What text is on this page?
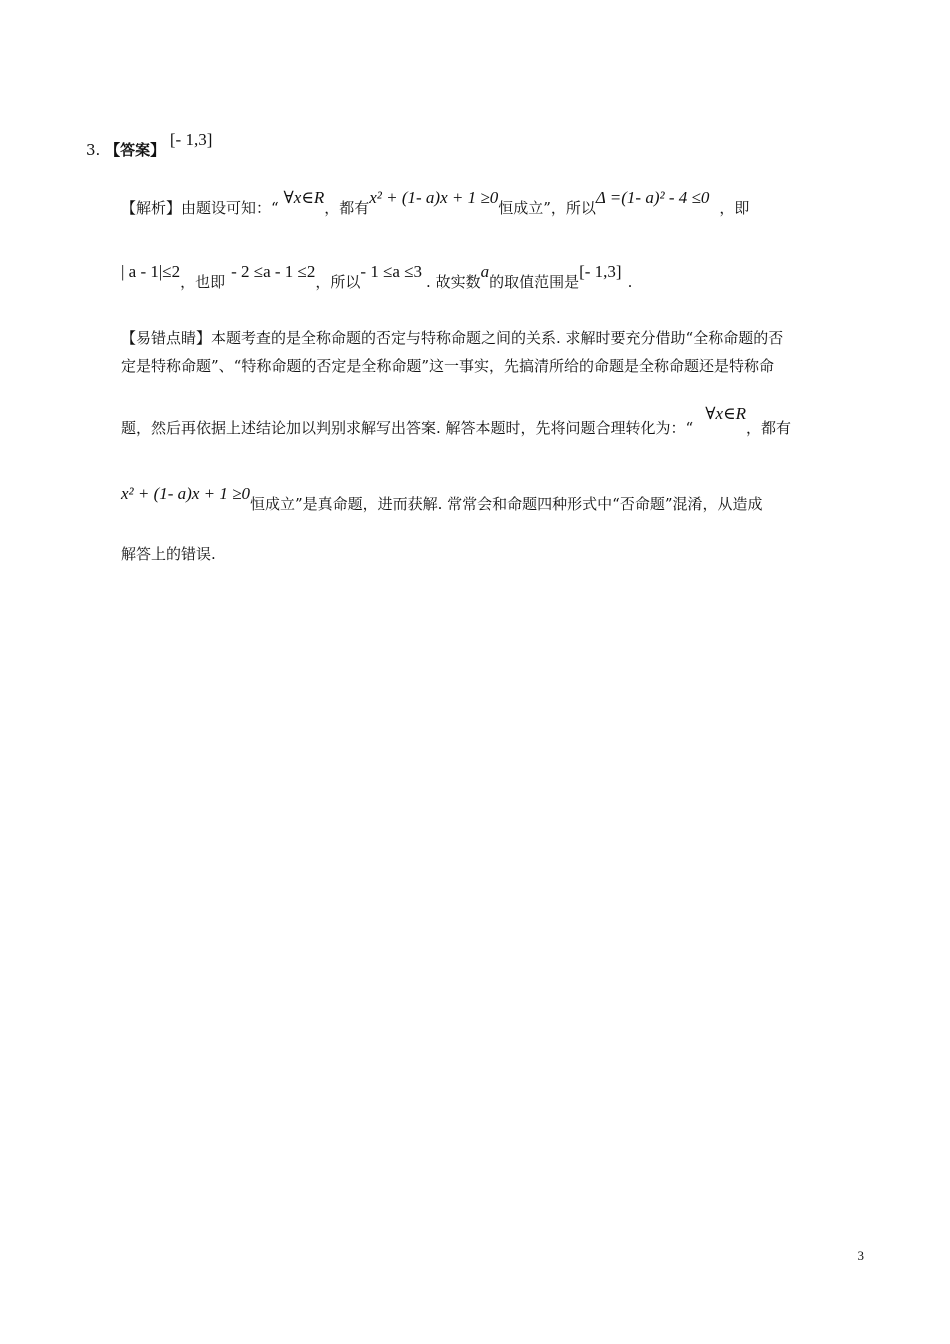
3. 【答案】 [- 1,3]
【解析】由题设可知：“ ∀x∈R，都有x² + (1- a)x + 1 ≥0恒成立”，所以Δ =(1- a)² - 4 ≤0，即
| a - 1|≤2，也即- 2 ≤a - 1 ≤2，所以- 1 ≤a ≤3. 故实数a的取值范围是[- 1,3].
【易错点睛】本题考查的是全称命题的否定与特称命题之间的关系. 求解时要充分借助“全称命题的否
定是特称命题”、“特称命题的否定是全称命题”这一事实，先搞清所给的命题是全称命题还是特称命
题，然后再依据上述结论加以判别求解写出答案. 解答本题时，先将问题合理转化为：“∀x∈R，都有
x² + (1- a)x + 1 ≥0恒成立”是真命题，进而获解. 常常会和命题四种形式中“否命题”混淆，从造成
解答上的错误.
3
